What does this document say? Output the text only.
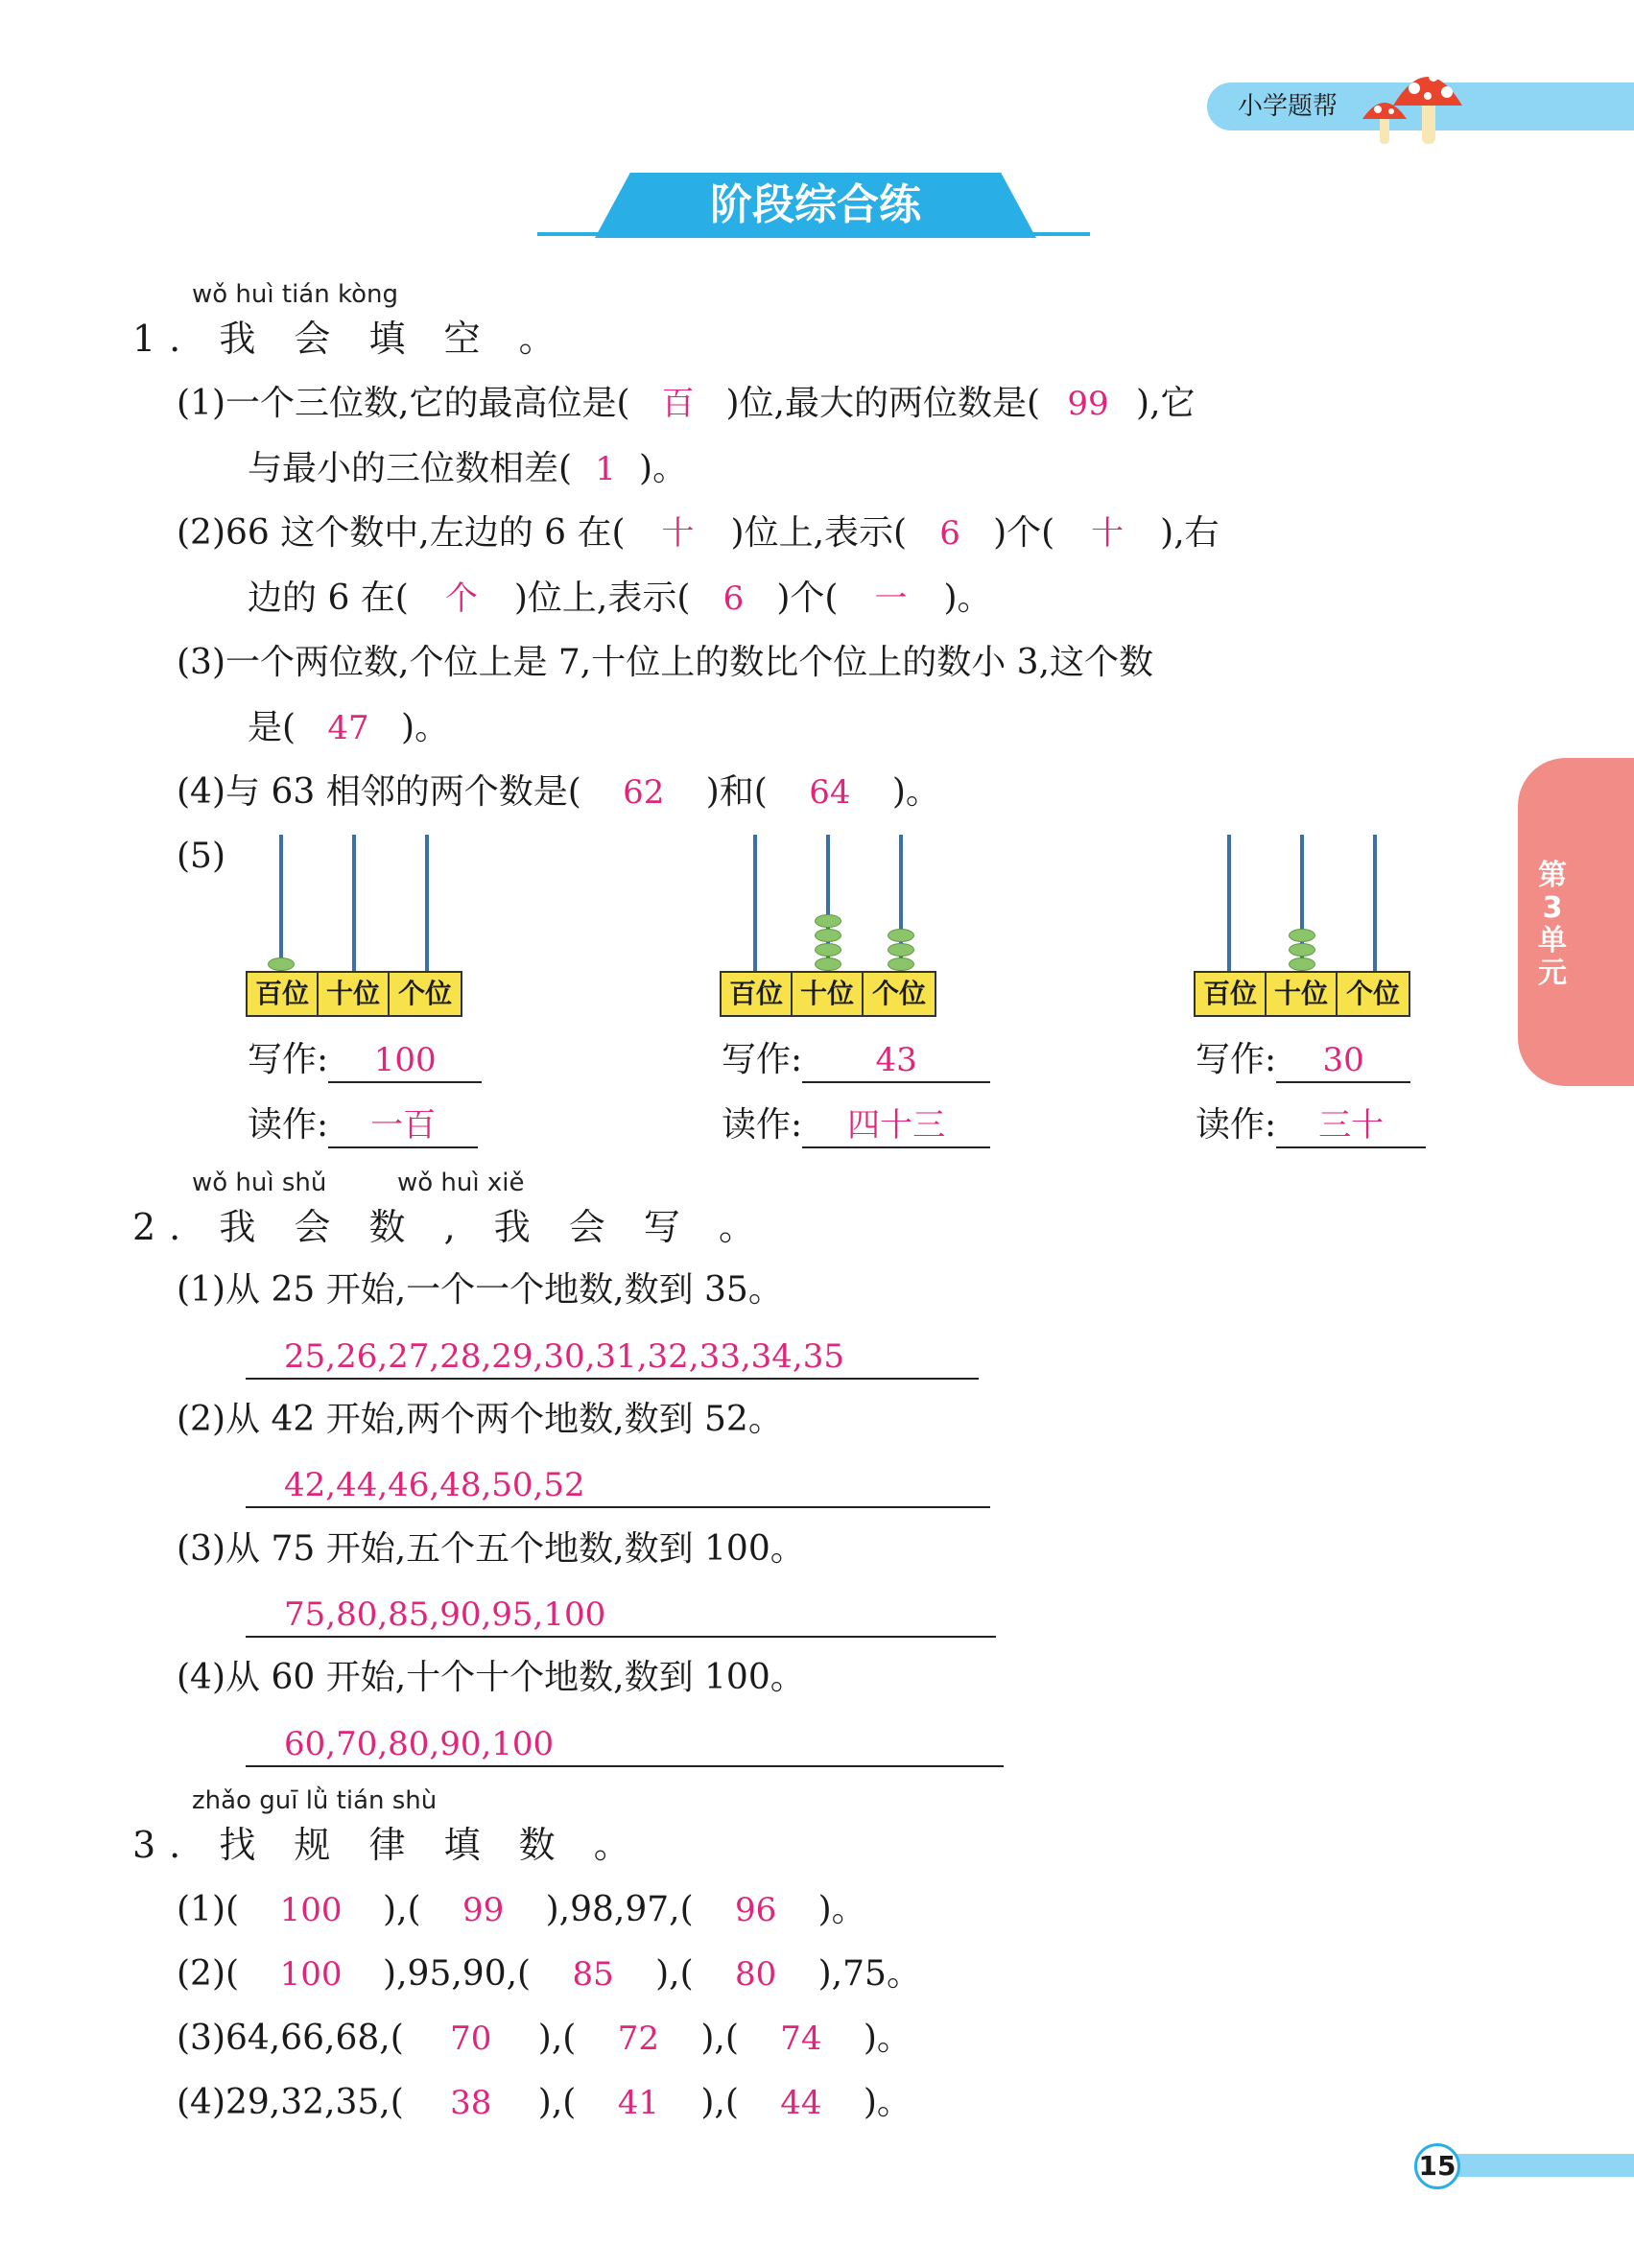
小学题帮
阶段综合练
第
3
单
元
wǒ huì tián kòng
1. 我 会 填 空 。
(1)一个三位数,它的最高位是( 百 )位,最大的两位数是( 99 ),它
与最小的三位数相差( 1 )。
(2)66 这个数中,左边的 6 在( 十 )位上,表示( 6 )个( 十 ),右
边的 6 在( 个 )位上,表示( 6 )个( 一 )。
(3)一个两位数,个位上是 7,十位上的数比个位上的数小 3,这个数
是( 47 )。
(4)与 63 相邻的两个数是( 62 )和( 64 )。
(5)
百位 十位 个位	百位 十位 个位	百位 十位 个位
写作: 100
读作: 一百
写作: 43
读作: 四十三
写作: 30
读作: 三十
wǒ huì shǔ	wǒ huì xiě
2. 我 会 数 , 我 会 写 。
(1)从 25 开始,一个一个地数,数到 35。
25,26,27,28,29,30,31,32,33,34,35
(2)从 42 开始,两个两个地数,数到 52。
42,44,46,48,50,52
(3)从 75 开始,五个五个地数,数到 100。
75,80,85,90,95,100
(4)从 60 开始,十个十个地数,数到 100。
60,70,80,90,100
zhǎo guī lǜ tián shù
3. 找 规 律 填 数 。
(1)( 100 ),( 99 ),98,97,( 96 )。
(2)( 100 ),95,90,( 85 ),( 80 ),75。
(3)64,66,68,( 70 ),( 72 ),( 74 )。
(4)29,32,35,( 38 ),( 41 ),( 44 )。
15
